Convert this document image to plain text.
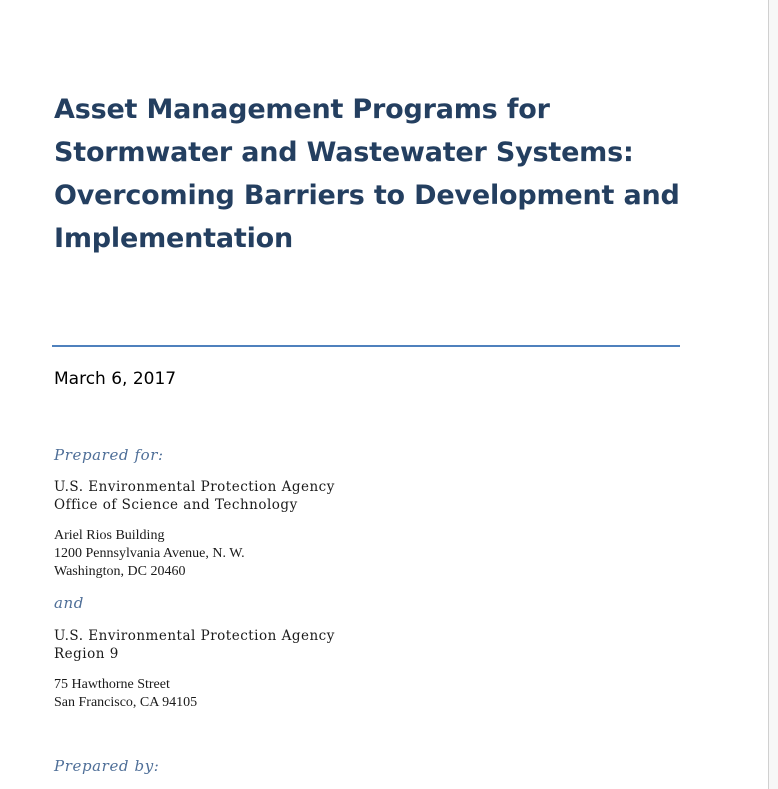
Asset Management Programs for
Stormwater and Wastewater Systems:
Overcoming Barriers to Development and
Implementation
March 6, 2017
Prepared for:
U.S. Environmental Protection Agency
Office of Science and Technology
Ariel Rios Building
1200 Pennsylvania Avenue, N. W.
Washington, DC 20460
and
U.S. Environmental Protection Agency
Region 9
75 Hawthorne Street
San Francisco, CA 94105
Prepared by:
